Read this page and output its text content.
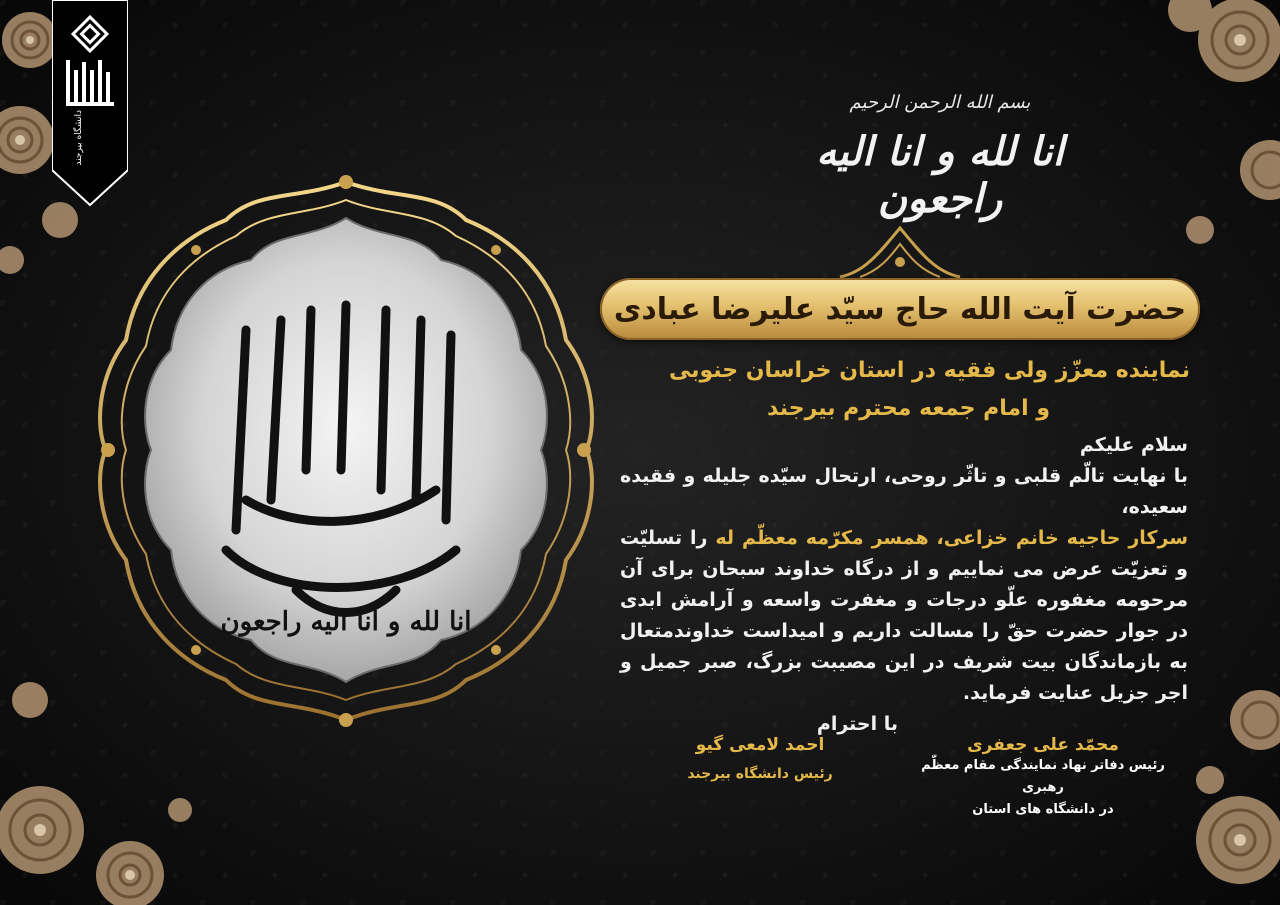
دانشگاه بیرجند
انا لله و انا الیه راجعون
بسم الله الرحمن الرحیم
انا لله و انا الیه راجعون
حضرت آیت الله حاج سیّد علیرضا عبادی
نماینده معزّز ولی فقیه در استان خراسان جنوبی
و امام جمعه محترم بیرجند
سلام علیکم
با نهایت تالّم قلبی و تاثّر روحی، ارتحال سیّده جلیله و فقیده سعیده،
سرکار حاجیه خانم خزاعی، همسر مکرّمه معظّم له را تسلیّت و تعزیّت عرض می نماییم و از درگاه خداوند سبحان برای آن مرحومه مغفوره علّو درجات و مغفرت واسعه و آرامش ابدی در جوار حضرت حقّ را مسالت داریم و امیداست خداوندمتعال به بازماندگان بیت شریف در این مصیبت بزرگ، صبر جمیل و اجر جزیل عنایت فرماید.
با احترام
محمّد علی جعفری
رئیس دفاتر نهاد نمایندگی مقام معظّم رهبری
در دانشگاه های استان
احمد لامعی گیو
رئیس دانشگاه بیرجند
